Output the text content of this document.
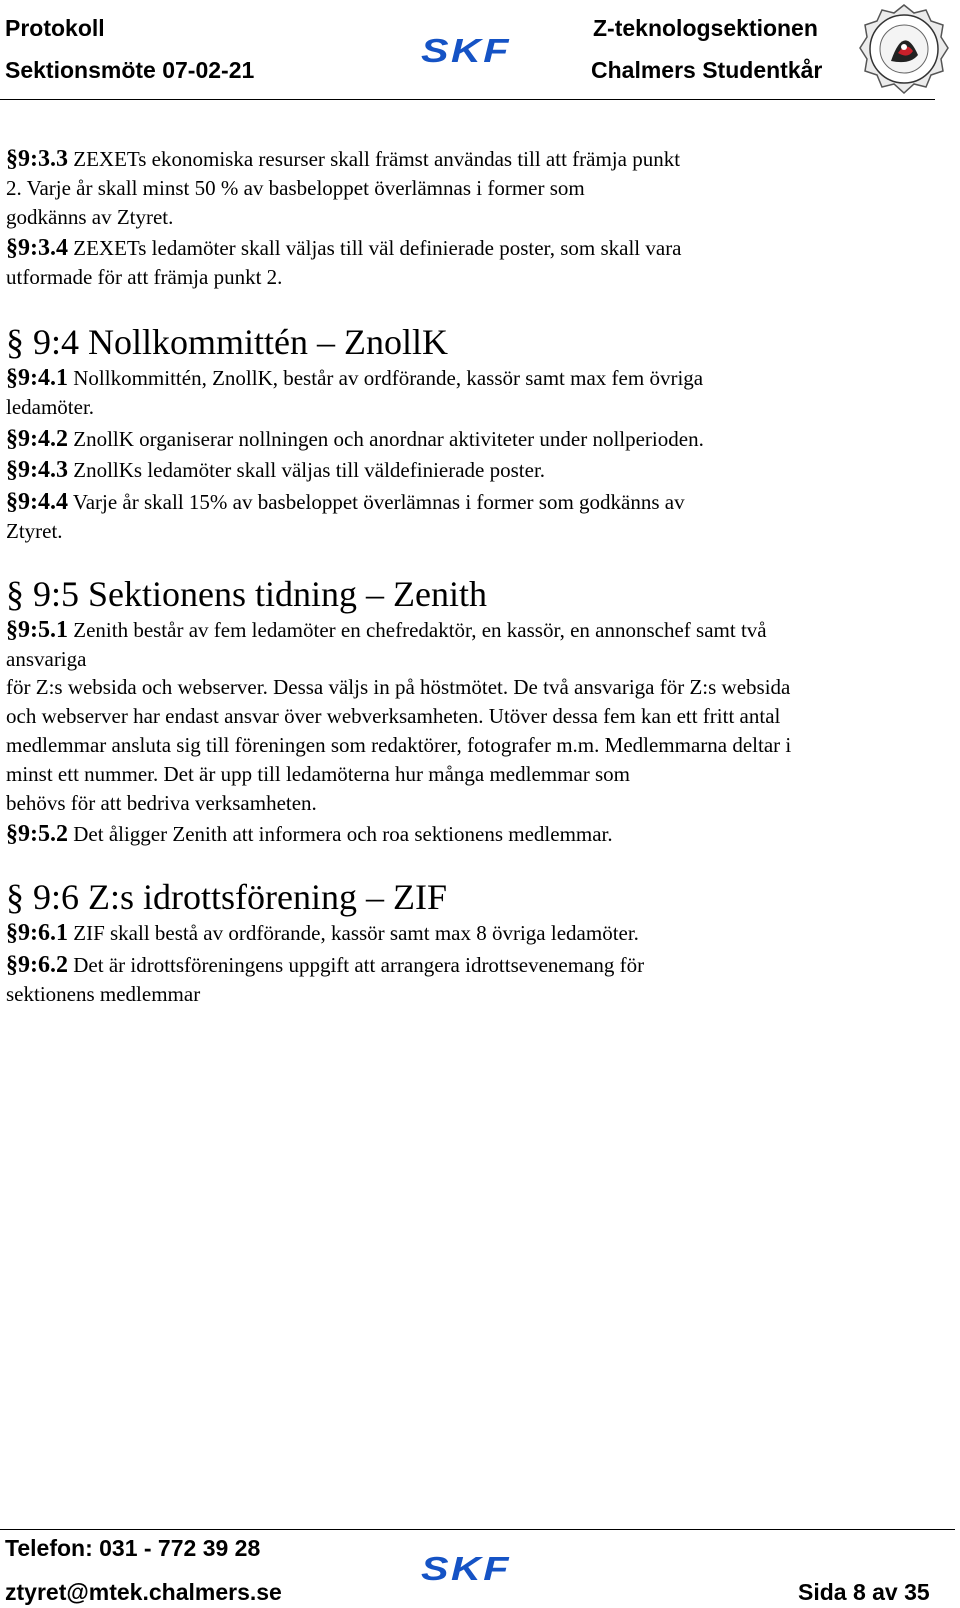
Protokoll
Sektionsmöte 07-02-21
SKF
Z-teknologsektionen
Chalmers Studentkår

§9:3.3 ZEXETs ekonomiska resurser skall främst användas till att främja punkt
2. Varje år skall minst 50 % av basbeloppet överlämnas i former som
godkänns av Ztyret.

§9:3.4 ZEXETs ledamöter skall väljas till väl definierade poster, som skall vara
utformade för att främja punkt 2.

§ 9:4 Nollkommittén – ZnollK

§9:4.1 Nollkommittén, ZnollK, består av ordförande, kassör samt max fem övriga
ledamöter.

§9:4.2 ZnollK organiserar nollningen och anordnar aktiviteter under nollperioden.

§9:4.3 ZnollKs ledamöter skall väljas till väldefinierade poster.

§9:4.4 Varje år skall 15% av basbeloppet överlämnas i former som godkänns av
Ztyret.

§ 9:5 Sektionens tidning – Zenith

§9:5.1 Zenith består av fem ledamöter en chefredaktör, en kassör, en annonschef samt två
ansvariga
för Z:s websida och webserver. Dessa väljs in på höstmötet. De två ansvariga för Z:s websida
och webserver har endast ansvar över webverksamheten. Utöver dessa fem kan ett fritt antal
medlemmar ansluta sig till föreningen som redaktörer, fotografer m.m. Medlemmarna deltar i
minst ett nummer. Det är upp till ledamöterna hur många medlemmar som
behövs för att bedriva verksamheten.

§9:5.2 Det åligger Zenith att informera och roa sektionens medlemmar.

§ 9:6 Z:s idrottsförening – ZIF

§9:6.1 ZIF skall bestå av ordförande, kassör samt max 8 övriga ledamöter.

§9:6.2 Det är idrottsföreningens uppgift att arrangera idrottsevenemang för
sektionens medlemmar

Telefon: 031 - 772 39 28
ztyret@mtek.chalmers.se
SKF
Sida 8 av 35
